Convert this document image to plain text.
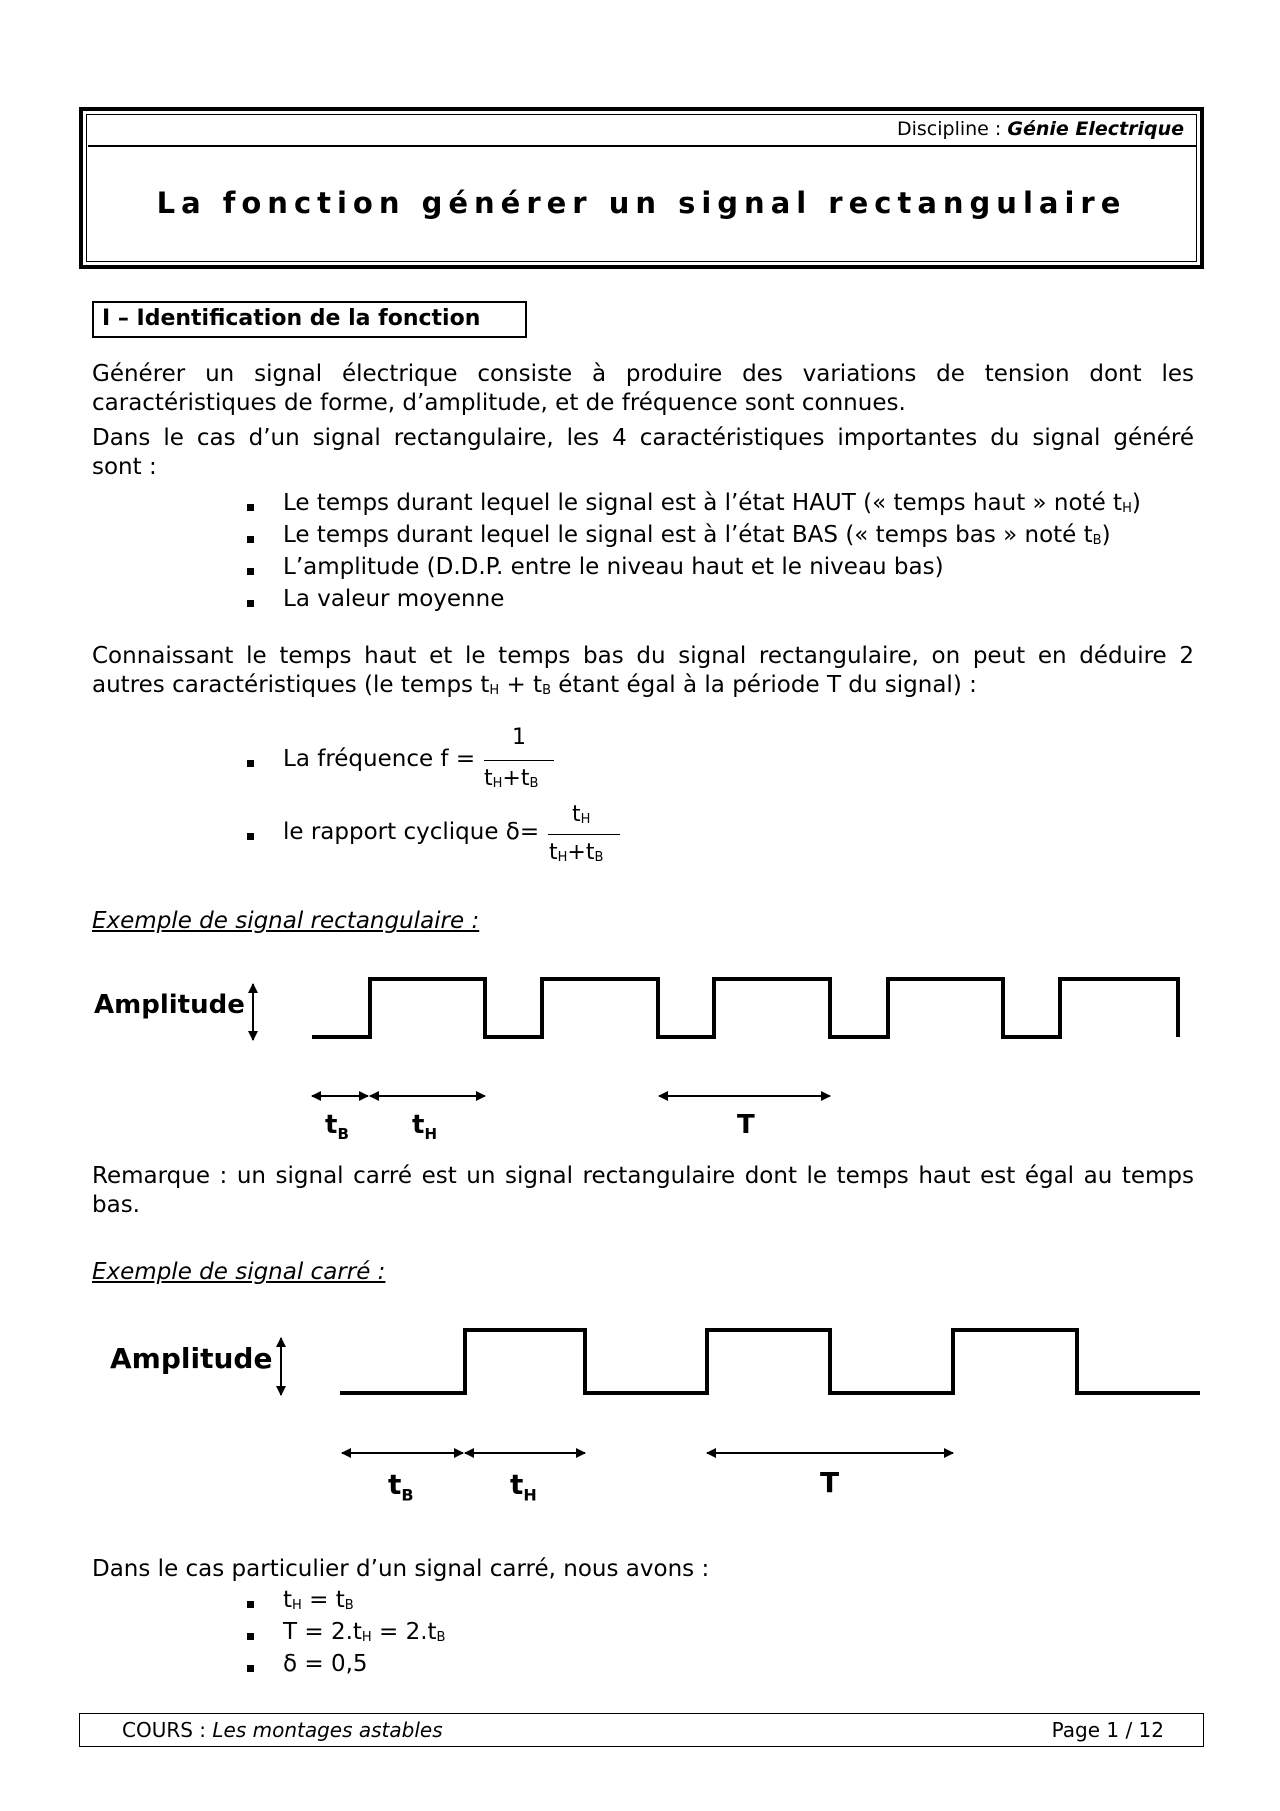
Discipline : Génie Electrique
La fonction générer un signal rectangulaire
I – Identification de la fonction
Générer un signal électrique consiste à produire des variations de tension dont les
caractéristiques de forme, d’amplitude, et de fréquence sont connues.
Dans le cas d’un signal rectangulaire, les 4 caractéristiques importantes du signal généré
sont :
Le temps durant lequel le signal est à l’état HAUT (« temps haut » noté $t_H$)
Le temps durant lequel le signal est à l’état BAS (« temps bas » noté $t_B$)
L’amplitude (D.D.P. entre le niveau haut et le niveau bas)
La valeur moyenne
Connaissant le temps haut et le temps bas du signal rectangulaire, on peut en déduire 2
autres caractéristiques (le temps $t_H + t_B$ étant égal à la période T du signal) :
La fréquence f =
1
$t_H+t_B$
le rapport cyclique δ=
$t_H$
$t_H+t_B$
Exemple de signal rectangulaire :
Amplitude
$t_B$ $t_H$	T
Remarque : un signal carré est un signal rectangulaire dont le temps haut est égal au temps
bas.
Exemple de signal carré :
Amplitude
$t_B$	$t_H$	T
Dans le cas particulier d’un signal carré, nous avons :
$t_H = t_B$
$T = 2.t_H = 2.t_B$
δ = 0,5
COURS : Les montages astables	Page 1 / 12
